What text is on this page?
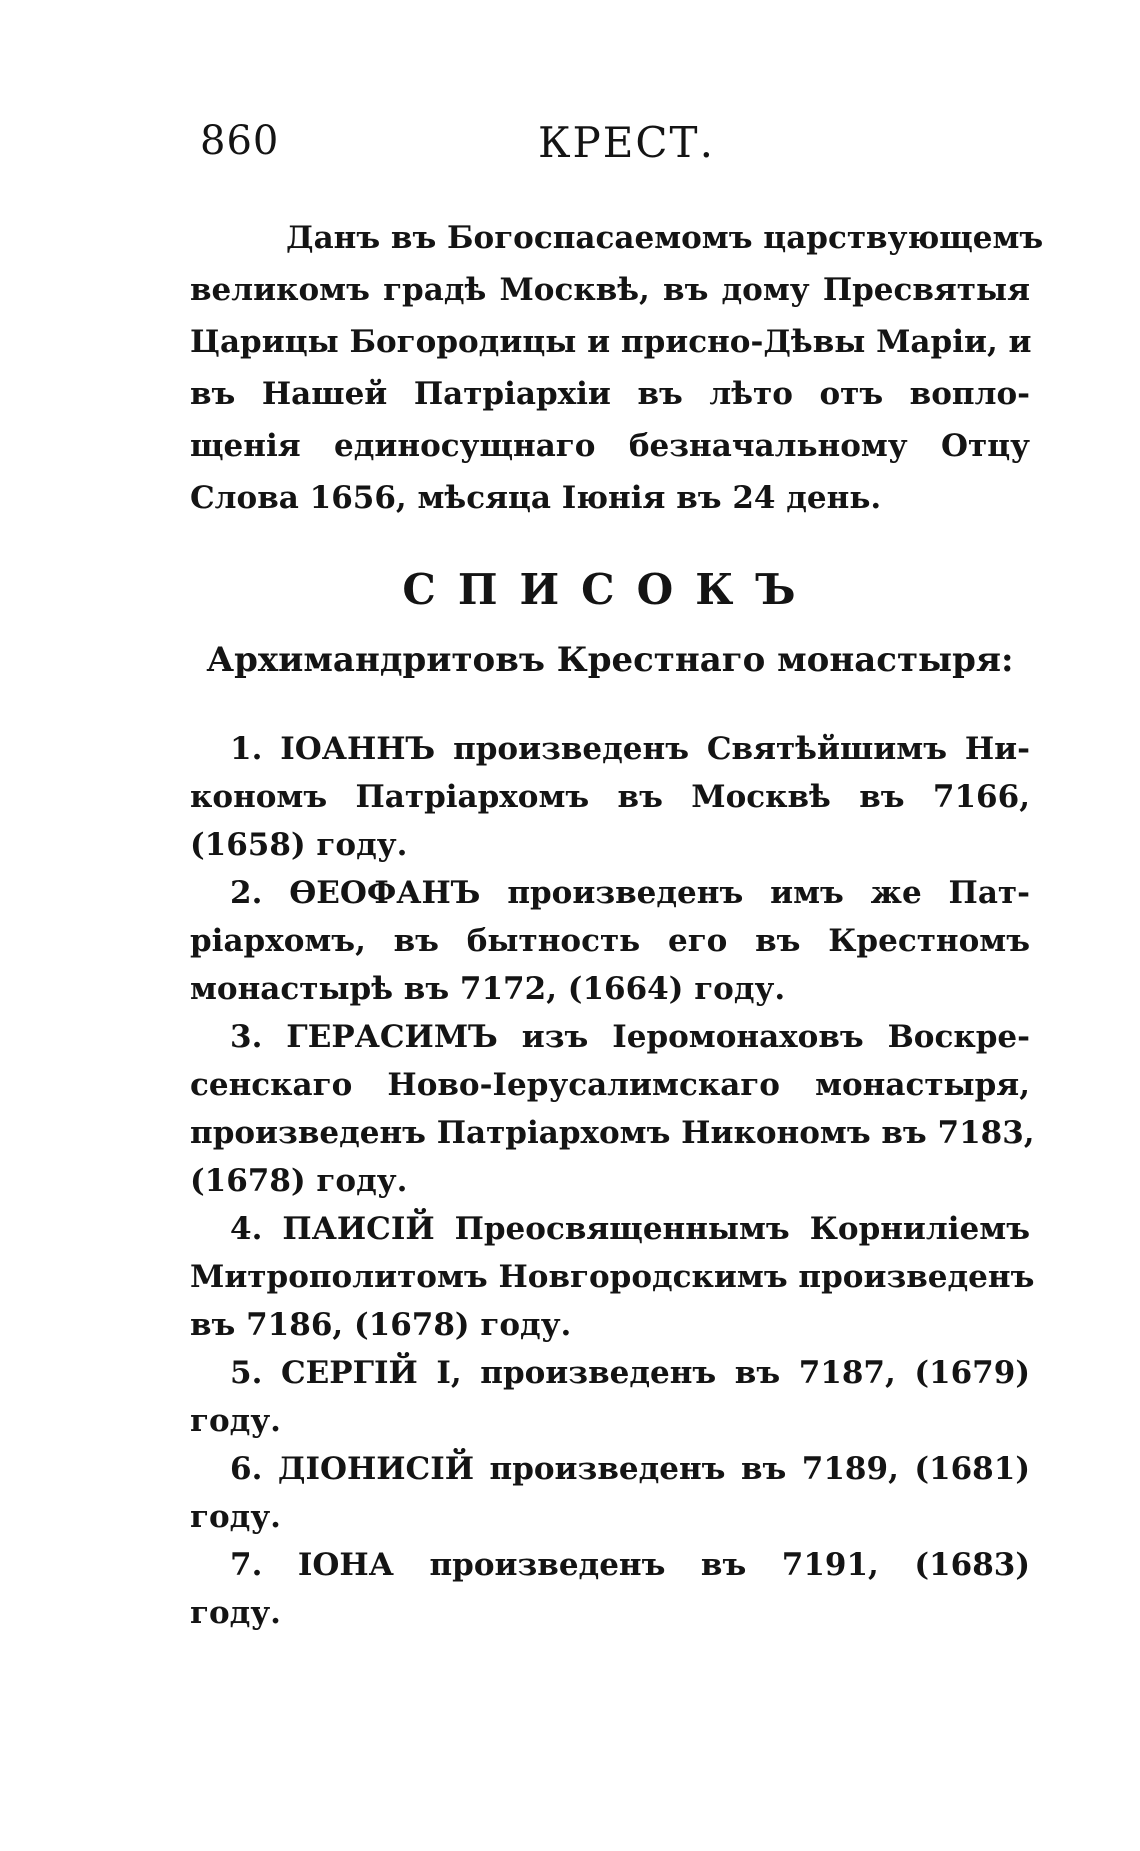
860	КРЕСТ.
Данъ въ Богоспасаемомъ царствующемъ
великомъ градѣ Москвѣ, въ дому Пресвятыя
Царицы Богородицы и присно-Дѣвы Маріи, и
въ Нашей Патріархіи въ лѣто отъ вопло-
щенія единосущнаго безначальному Отцу
Слова 1656, мѣсяца Іюнія въ 24 день.
СПИСОКЪ
Архимандритовъ Крестнаго монастыря:
1. ІОАННЪ произведенъ Святѣйшимъ Ни-
кономъ Патріархомъ въ Москвѣ въ 7166,
(1658) году.
2. ѲЕОФАНЪ произведенъ имъ же Пат-
ріархомъ, въ бытность его въ Крестномъ
монастырѣ въ 7172, (1664) году.
3. ГЕРАСИМЪ изъ Іеромонаховъ Воскре-
сенскаго Ново-Іерусалимскаго монастыря,
произведенъ Патріархомъ Никономъ въ 7183,
(1678) году.
4. ПАИСІЙ Преосвященнымъ Корниліемъ
Митрополитомъ Новгородскимъ произведенъ
въ 7186, (1678) году.
5. СЕРГІЙ I, произведенъ въ 7187, (1679)
году.
6. ДІОНИСІЙ произведенъ въ 7189, (1681)
году.
7. ІОНА произведенъ въ 7191, (1683)
году.
